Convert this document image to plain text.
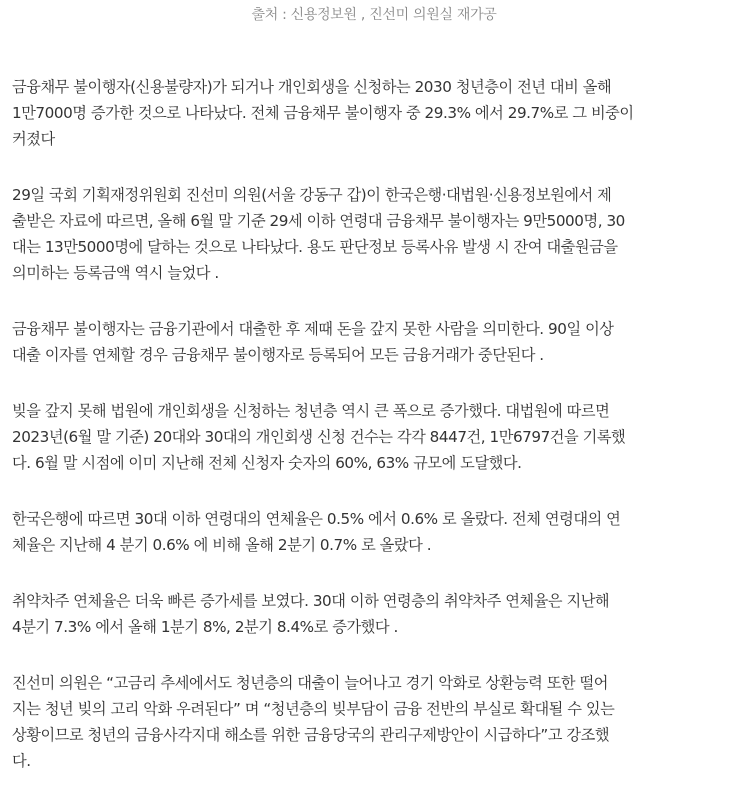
출처 : 신용정보원 , 진선미 의원실 재가공

금융채무 불이행자(신용불량자)가 되거나 개인회생을 신청하는 2030 청년층이 전년 대비 올해
1만7000명 증가한 것으로 나타났다. 전체 금융채무 불이행자 중 29.3% 에서 29.7%로 그 비중이
커졌다

29일 국회 기획재정위원회 진선미 의원(서울 강동구 갑)이 한국은행·대법원·신용정보원에서 제
출받은 자료에 따르면, 올해 6월 말 기준 29세 이하 연령대 금융채무 불이행자는 9만5000명, 30
대는 13만5000명에 달하는 것으로 나타났다. 용도 판단정보 등록사유 발생 시 잔여 대출원금을
의미하는 등록금액 역시 늘었다 .

금융채무 불이행자는 금융기관에서 대출한 후 제때 돈을 갚지 못한 사람을 의미한다. 90일 이상
대출 이자를 연체할 경우 금융채무 불이행자로 등록되어 모든 금융거래가 중단된다 .

빚을 갚지 못해 법원에 개인회생을 신청하는 청년층 역시 큰 폭으로 증가했다. 대법원에 따르면
2023년(6월 말 기준) 20대와 30대의 개인회생 신청 건수는 각각 8447건, 1만6797건을 기록했
다. 6월 말 시점에 이미 지난해 전체 신청자 숫자의 60%, 63% 규모에 도달했다.

한국은행에 따르면 30대 이하 연령대의 연체율은 0.5% 에서 0.6% 로 올랐다. 전체 연령대의 연
체율은 지난해 4 분기 0.6% 에 비해 올해 2분기 0.7% 로 올랐다 .

취약차주 연체율은 더욱 빠른 증가세를 보였다. 30대 이하 연령층의 취약차주 연체율은 지난해
4분기 7.3% 에서 올해 1분기 8%, 2분기 8.4%로 증가했다 .

진선미 의원은 “고금리 추세에서도 청년층의 대출이 늘어나고 경기 악화로 상환능력 또한 떨어
지는 청년 빚의 고리 악화 우려된다” 며 “청년층의 빚부담이 금융 전반의 부실로 확대될 수 있는
상황이므로 청년의 금융사각지대 해소를 위한 금융당국의 관리구제방안이 시급하다”고 강조했
다.
